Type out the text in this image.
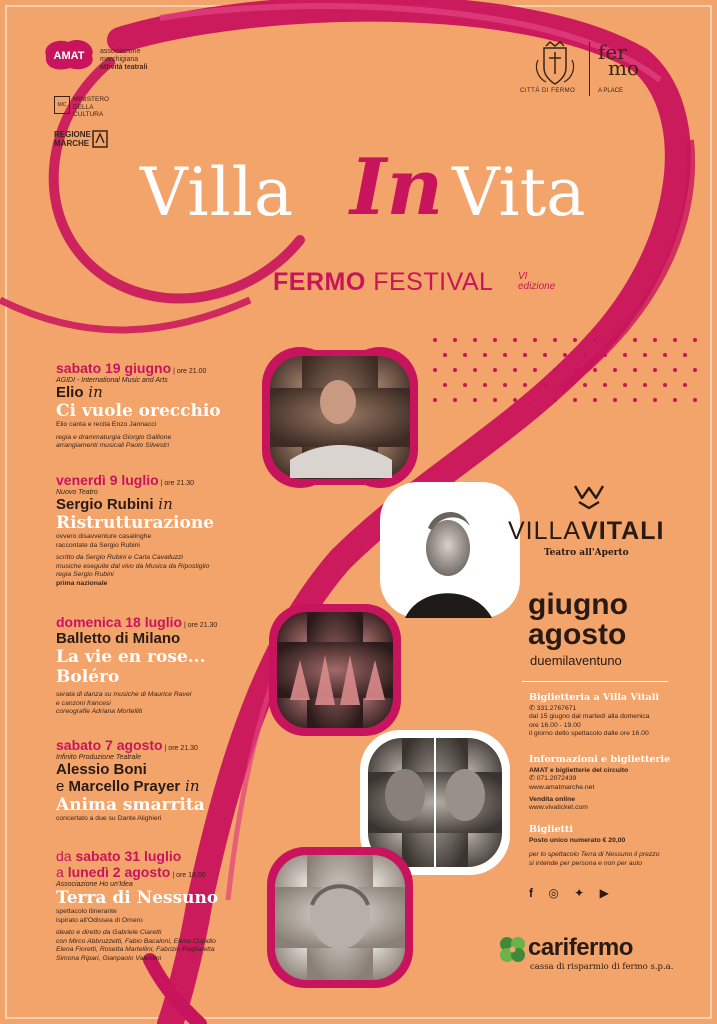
AMAT associazione
marchigiana
attività teatrali
MiC
MINISTERO
DELLA
CULTURA
REGIONE
MARCHE
CITTÀ DI FERMO
fer
mo
A PLACE
Villa In Vita
FERMO FESTIVAL VI
edizione
sabato 19 giugno | ore 21.00
AGIDI - International Music and Arts
Elio in
Ci vuole orecchio
Elio canta e recita Enzo Jannacci
regia e drammaturgia Giorgio Gallione
arrangiamenti musicali Paolo Silvestri
venerdì 9 luglio | ore 21.30
Nuovo Teatro
Sergio Rubini in
Ristrutturazione
ovvero disavventure casalinghe
raccontate da Sergio Rubini
scritto da Sergio Rubini e Carla Cavalluzzi
musiche eseguite dal vivo da Musica da Ripostiglio
regia Sergio Rubini
prima nazionale
domenica 18 luglio | ore 21.30
Balletto di Milano
La vie en rose...
Boléro
serata di danza su musiche di Maurice Ravel
e canzoni francesi
coreografie Adriana Mortelliti
sabato 7 agosto | ore 21.30
Infinito Produzione Teatrale
Alessio Boni
e Marcello Prayer in
Anima smarrita
concertato a due su Dante Alighieri
da sabato 31 luglio
a lunedì 2 agosto | ore 18.00
Associazione Ho un'Idea
Terra di Nessuno
spettacolo itinerante
ispirato all'Odissea di Omero
ideato e diretto da Gabriele Ciaretti
con Mirco Abbruzzetti, Fabio Bacaloni, Elena Cupidio
Elena Fioretti, Rosetta Martellini, Fabrizio Pagliaretta
Simona Ripari, Gianpaolo Valentini
VILLAVITALI
Teatro all'Aperto
giugno
agosto
duemilaventuno
Biglietteria a Villa Vitali
✆ 331.2767671
dal 15 giugno dal martedì alla domenica
ore 16.00 - 19.00
il giorno dello spettacolo dalle ore 16.00
Informazioni e biglietterie
AMAT e biglietterie del circuito
✆ 071.2072439
www.amatmarche.net
Vendita online
www.vivaticket.com
Biglietti
Posto unico numerato € 20,00
per lo spettacolo Terra di Nessuno il prezzo
si intende per persona e non per auto
f ◎ ✦ ▶
carifermo
cassa di risparmio di fermo s.p.a.
